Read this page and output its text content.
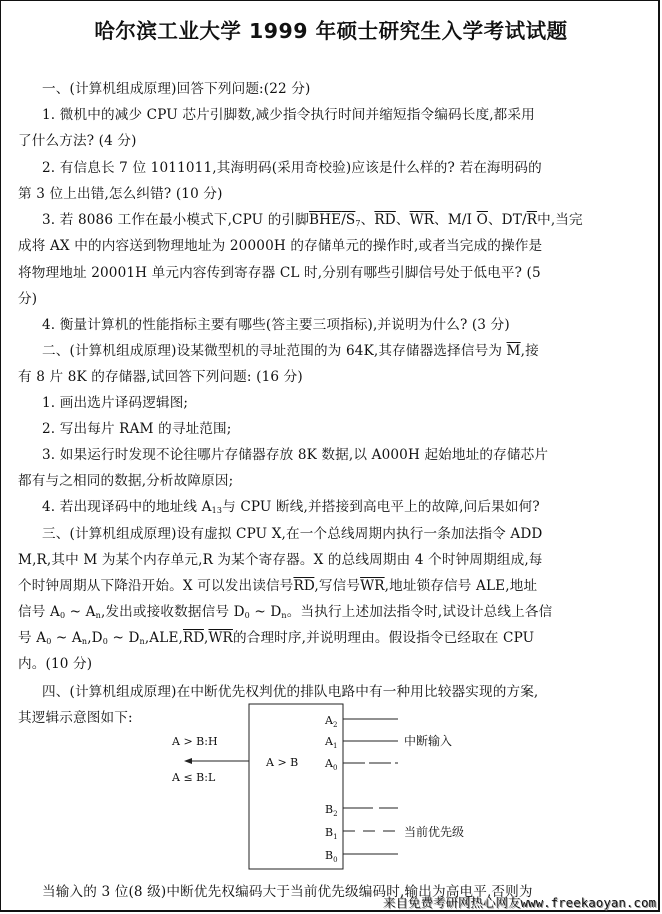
哈尔滨工业大学 1999 年硕士研究生入学考试试题
一、(计算机组成原理)回答下列问题:(22 分)
1. 微机中的减少 CPU 芯片引脚数,减少指令执行时间并缩短指令编码长度,都采用
了什么方法? (4 分)
2. 有信息长 7 位 1011011,其海明码(采用奇校验)应该是什么样的? 若在海明码的
第 3 位上出错,怎么纠错? (10 分)
3. 若 8086 工作在最小模式下,CPU 的引脚BHE/$S_7$、$\overline{RD}$、$\overline{WR}$、M/I $\overline{O}$、$DT/\overline{R}$中,当完
成将 AX 中的内容送到物理地址为 20000H 的存储单元的操作时,或者当完成的操作是
将物理地址 20001H 单元内容传到寄存器 CL 时,分别有哪些引脚信号处于低电平? (5
分)
4. 衡量计算机的性能指标主要有哪些(答主要三项指标),并说明为什么? (3 分)
二、(计算机组成原理)设某微型机的寻址范围的为 64K,其存储器选择信号为 $\overline{M}$,接
有 8 片 8K 的存储器,试回答下列问题: (16 分)
1. 画出选片译码逻辑图;
2. 写出每片 RAM 的寻址范围;
3. 如果运行时发现不论往哪片存储器存放 8K 数据,以 A000H 起始地址的存储芯片
都有与之相同的数据,分析故障原因;
4. 若出现译码中的地址线 $A_{13}$与 CPU 断线,并搭接到高电平上的故障,问后果如何?
三、(计算机组成原理)设有虚拟 CPU X,在一个总线周期内执行一条加法指令 ADD
M,R,其中 M 为某个内存单元,R 为某个寄存器。X 的总线周期由 4 个时钟周期组成,每
个时钟周期从下降沿开始。X 可以发出读信号$\overline{RD}$,写信号$\overline{WR}$,地址锁存信号 ALE,地址
信号 $A_0$ ~ $A_n$,发出或接收数据信号 $D_0$ ~ $D_n$。当执行上述加法指令时,试设计总线上各信
号 $A_0$ ~ $A_n,D_0$ ~ $D_n,ALE,\overline{RD},\overline{WR}$的合理时序,并说明理由。假设指令已经取在 CPU
内。(10 分)
四、(计算机组成原理)在中断优先权判优的排队电路中有一种用比较器实现的方案,
其逻辑示意图如下:
A > B
A > B:H
A ≤ B:L
$A_2$
$A_1$
$A_0$
中断输入
$B_2$
$B_1$
$B_0$
当前优先级
当输入的 3 位(8 级)中断优先权编码大于当前优先级编码时,输出为高电平,否则为
来自免费考研网热心网友www.freekaoyan.com
